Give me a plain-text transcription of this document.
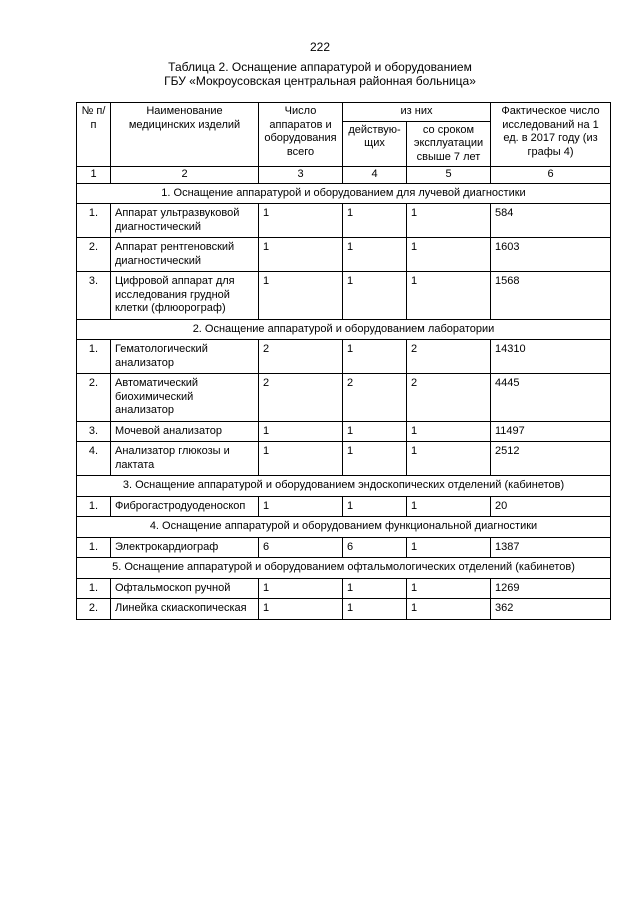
222
Таблица 2. Оснащение аппаратурой и оборудованием
ГБУ «Мокроусовская центральная районная больница»
№ п/п	Наименование медицинских изделий	Число аппаратов и оборудования всего	из них		Фактическое число исследований на 1 ед. в 2017 году (из графы 4)
			действую-щих	со сроком эксплуатации свыше 7 лет	
1	2	3	4	5	6
1. Оснащение аппаратурой и оборудованием для лучевой диагностики					
1.	Аппарат ультразвуковой диагностический	1	1	1	584
2.	Аппарат рентгеновский диагностический	1	1	1	1603
3.	Цифровой аппарат для исследования грудной клетки (флюорограф)	1	1	1	1568
2. Оснащение аппаратурой и оборудованием лаборатории					
1.	Гематологический анализатор	2	1	2	14310
2.	Автоматический биохимический анализатор	2	2	2	4445
3.	Мочевой анализатор	1	1	1	11497
4.	Анализатор глюкозы и лактата	1	1	1	2512
3. Оснащение аппаратурой и оборудованием эндоскопических отделений (кабинетов)					
1.	Фиброгастродуоденоскоп	1	1	1	20
4. Оснащение аппаратурой и оборудованием функциональной диагностики					
1.	Электрокардиограф	6	6	1	1387
5. Оснащение аппаратурой и оборудованием офтальмологических отделений (кабинетов)					
1.	Офтальмоскоп ручной	1	1	1	1269
2.	Линейка скиаскопическая	1	1	1	362
